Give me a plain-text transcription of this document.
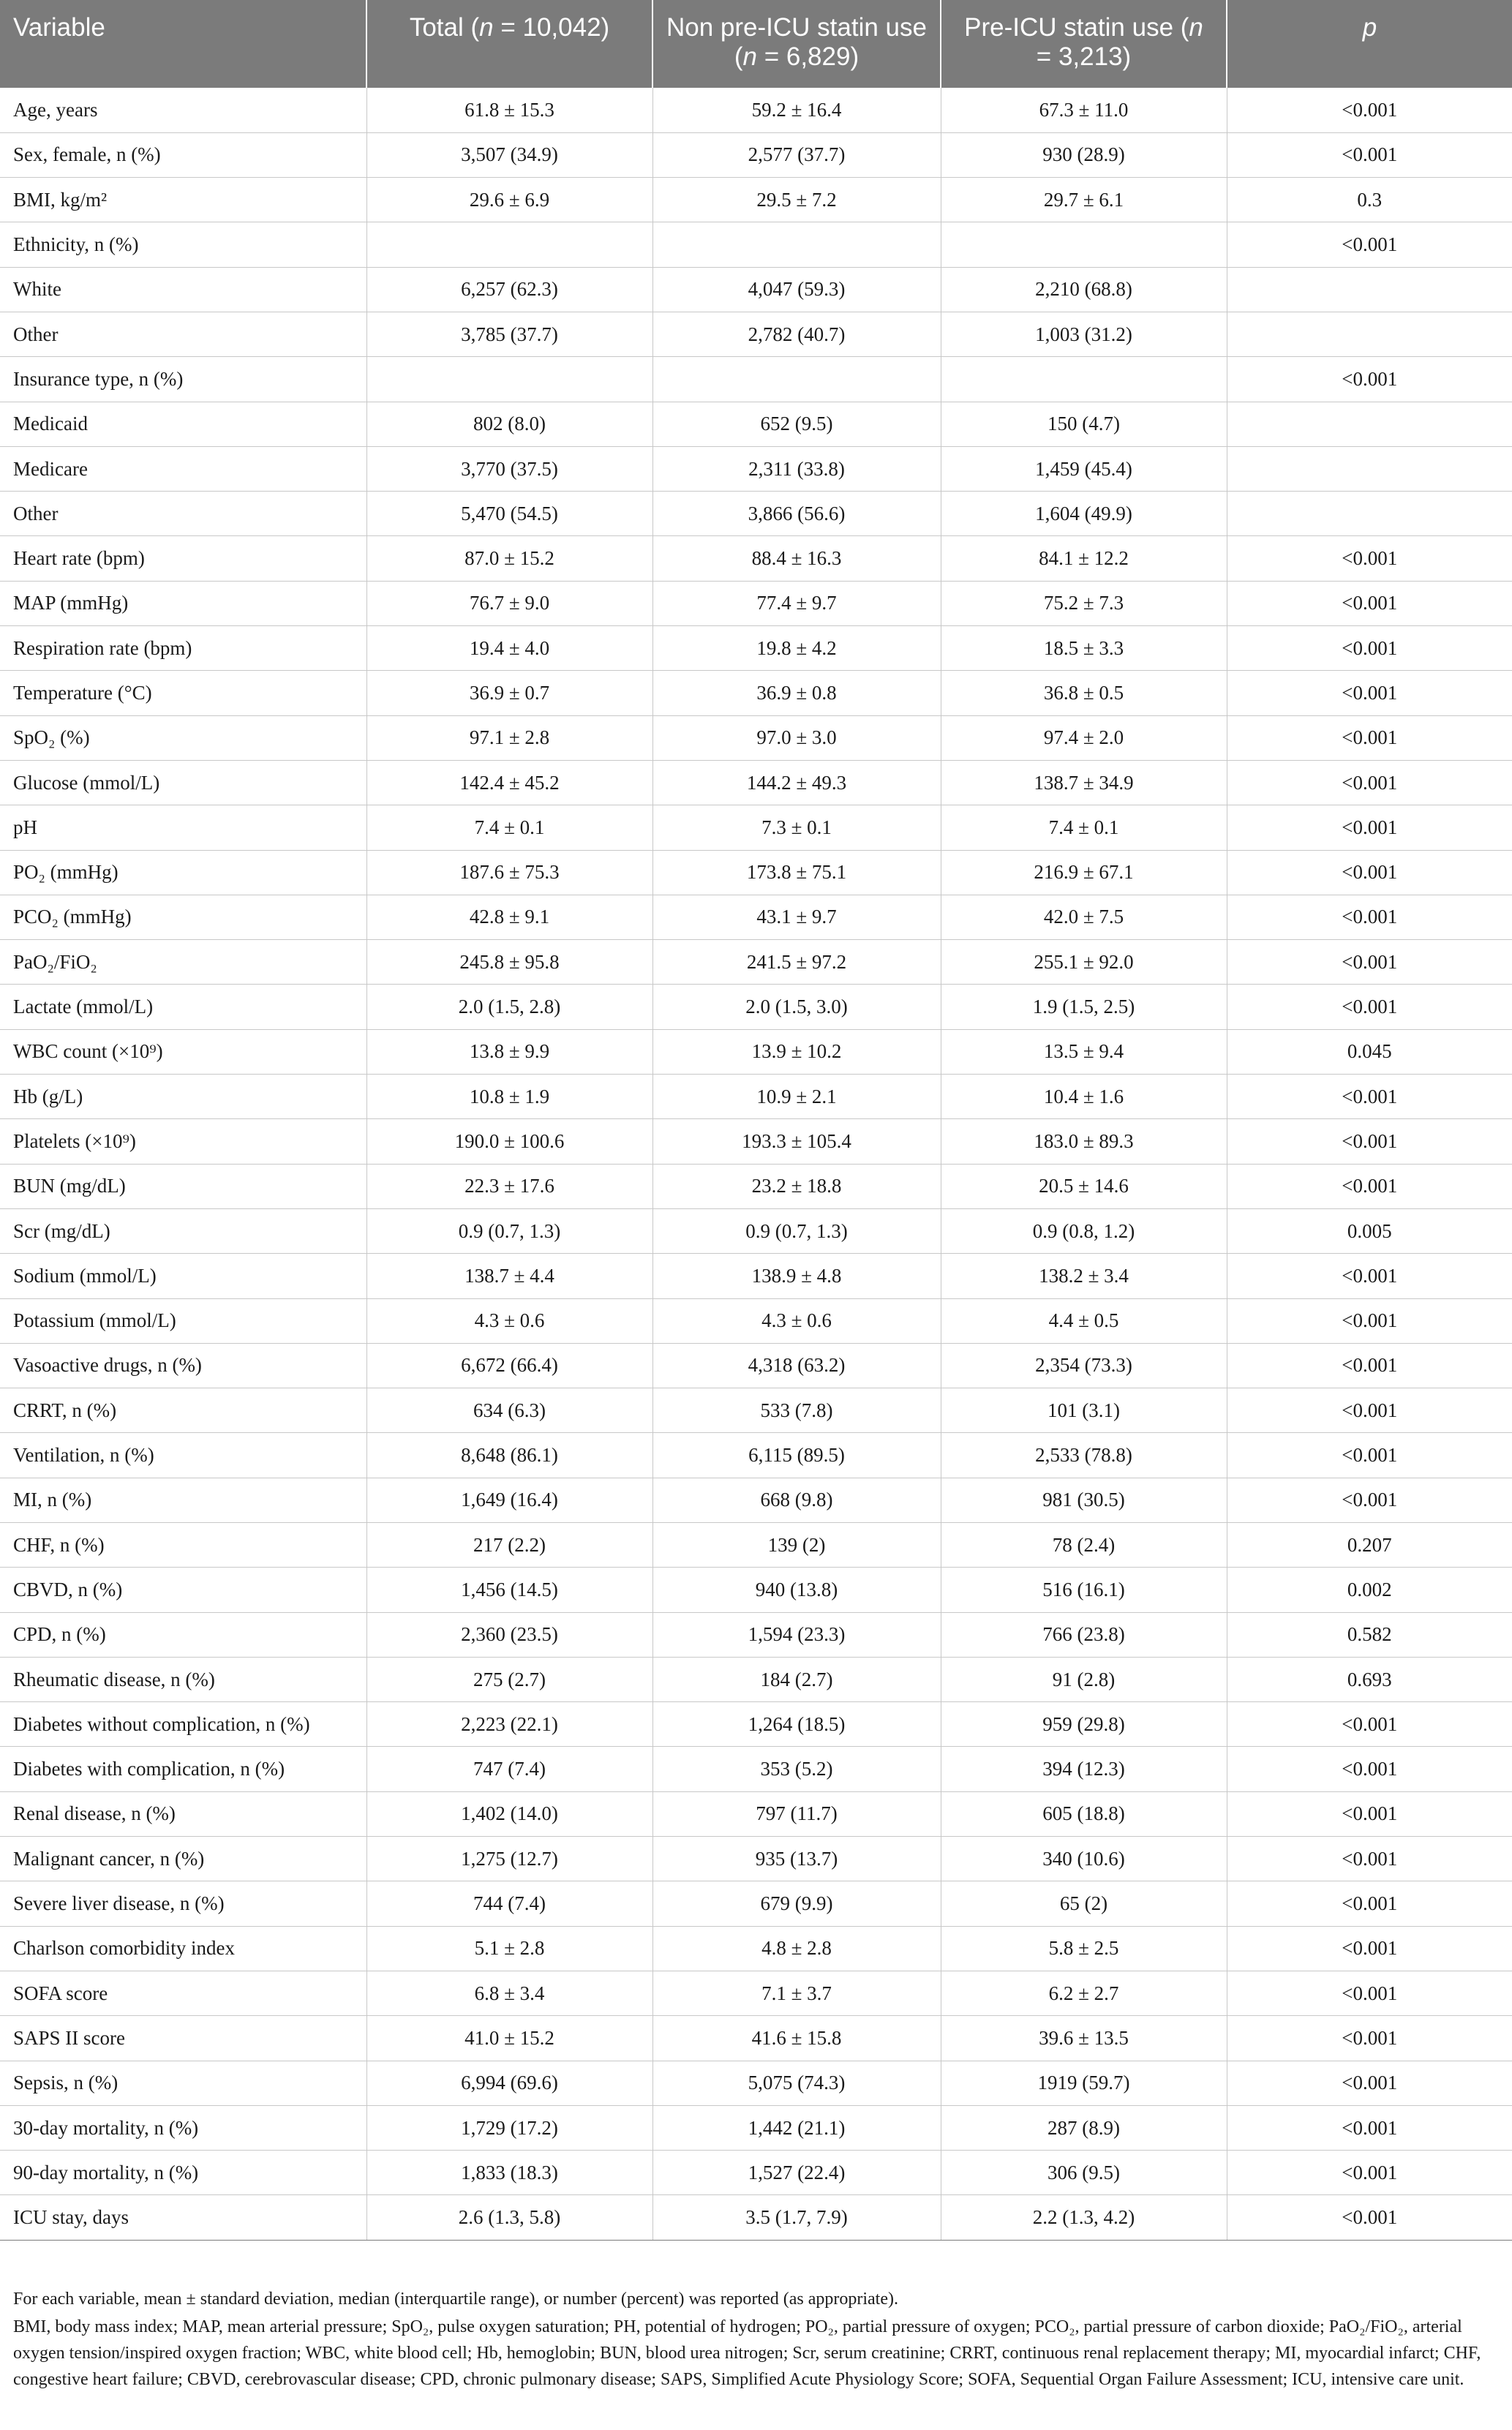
Variable	Total (n = 10,042)	Non pre-ICU statin use (n = 6,829)	Pre-ICU statin use (n = 3,213)	p
Age, years	61.8 ± 15.3	59.2 ± 16.4	67.3 ± 11.0	<0.001
Sex, female, n (%)	3,507 (34.9)	2,577 (37.7)	930 (28.9)	<0.001
BMI, kg/m²	29.6 ± 6.9	29.5 ± 7.2	29.7 ± 6.1	0.3
Ethnicity, n (%)				<0.001
White	6,257 (62.3)	4,047 (59.3)	2,210 (68.8)	
Other	3,785 (37.7)	2,782 (40.7)	1,003 (31.2)	
Insurance type, n (%)				<0.001
Medicaid	802 (8.0)	652 (9.5)	150 (4.7)	
Medicare	3,770 (37.5)	2,311 (33.8)	1,459 (45.4)	
Other	5,470 (54.5)	3,866 (56.6)	1,604 (49.9)	
Heart rate (bpm)	87.0 ± 15.2	88.4 ± 16.3	84.1 ± 12.2	<0.001
MAP (mmHg)	76.7 ± 9.0	77.4 ± 9.7	75.2 ± 7.3	<0.001
Respiration rate (bpm)	19.4 ± 4.0	19.8 ± 4.2	18.5 ± 3.3	<0.001
Temperature (°C)	36.9 ± 0.7	36.9 ± 0.8	36.8 ± 0.5	<0.001
SpO₂ (%)	97.1 ± 2.8	97.0 ± 3.0	97.4 ± 2.0	<0.001
Glucose (mmol/L)	142.4 ± 45.2	144.2 ± 49.3	138.7 ± 34.9	<0.001
pH	7.4 ± 0.1	7.3 ± 0.1	7.4 ± 0.1	<0.001
PO₂ (mmHg)	187.6 ± 75.3	173.8 ± 75.1	216.9 ± 67.1	<0.001
PCO₂ (mmHg)	42.8 ± 9.1	43.1 ± 9.7	42.0 ± 7.5	<0.001
PaO₂/FiO₂	245.8 ± 95.8	241.5 ± 97.2	255.1 ± 92.0	<0.001
Lactate (mmol/L)	2.0 (1.5, 2.8)	2.0 (1.5, 3.0)	1.9 (1.5, 2.5)	<0.001
WBC count (×10⁹)	13.8 ± 9.9	13.9 ± 10.2	13.5 ± 9.4	0.045
Hb (g/L)	10.8 ± 1.9	10.9 ± 2.1	10.4 ± 1.6	<0.001
Platelets (×10⁹)	190.0 ± 100.6	193.3 ± 105.4	183.0 ± 89.3	<0.001
BUN (mg/dL)	22.3 ± 17.6	23.2 ± 18.8	20.5 ± 14.6	<0.001
Scr (mg/dL)	0.9 (0.7, 1.3)	0.9 (0.7, 1.3)	0.9 (0.8, 1.2)	0.005
Sodium (mmol/L)	138.7 ± 4.4	138.9 ± 4.8	138.2 ± 3.4	<0.001
Potassium (mmol/L)	4.3 ± 0.6	4.3 ± 0.6	4.4 ± 0.5	<0.001
Vasoactive drugs, n (%)	6,672 (66.4)	4,318 (63.2)	2,354 (73.3)	<0.001
CRRT, n (%)	634 (6.3)	533 (7.8)	101 (3.1)	<0.001
Ventilation, n (%)	8,648 (86.1)	6,115 (89.5)	2,533 (78.8)	<0.001
MI, n (%)	1,649 (16.4)	668 (9.8)	981 (30.5)	<0.001
CHF, n (%)	217 (2.2)	139 (2)	78 (2.4)	0.207
CBVD, n (%)	1,456 (14.5)	940 (13.8)	516 (16.1)	0.002
CPD, n (%)	2,360 (23.5)	1,594 (23.3)	766 (23.8)	0.582
Rheumatic disease, n (%)	275 (2.7)	184 (2.7)	91 (2.8)	0.693
Diabetes without complication, n (%)	2,223 (22.1)	1,264 (18.5)	959 (29.8)	<0.001
Diabetes with complication, n (%)	747 (7.4)	353 (5.2)	394 (12.3)	<0.001
Renal disease, n (%)	1,402 (14.0)	797 (11.7)	605 (18.8)	<0.001
Malignant cancer, n (%)	1,275 (12.7)	935 (13.7)	340 (10.6)	<0.001
Severe liver disease, n (%)	744 (7.4)	679 (9.9)	65 (2)	<0.001
Charlson comorbidity index	5.1 ± 2.8	4.8 ± 2.8	5.8 ± 2.5	<0.001
SOFA score	6.8 ± 3.4	7.1 ± 3.7	6.2 ± 2.7	<0.001
SAPS II score	41.0 ± 15.2	41.6 ± 15.8	39.6 ± 13.5	<0.001
Sepsis, n (%)	6,994 (69.6)	5,075 (74.3)	1919 (59.7)	<0.001
30-day mortality, n (%)	1,729 (17.2)	1,442 (21.1)	287 (8.9)	<0.001
90-day mortality, n (%)	1,833 (18.3)	1,527 (22.4)	306 (9.5)	<0.001
ICU stay, days	2.6 (1.3, 5.8)	3.5 (1.7, 7.9)	2.2 (1.3, 4.2)	<0.001

For each variable, mean ± standard deviation, median (interquartile range), or number (percent) was reported (as appropriate).

BMI, body mass index; MAP, mean arterial pressure; SpO₂, pulse oxygen saturation; PH, potential of hydrogen; PO₂, partial pressure of oxygen; PCO₂, partial pressure of carbon dioxide; PaO₂/FiO₂, arterial oxygen tension/inspired oxygen fraction; WBC, white blood cell; Hb, hemoglobin; BUN, blood urea nitrogen; Scr, serum creatinine; CRRT, continuous renal replacement therapy; MI, myocardial infarct; CHF, congestive heart failure; CBVD, cerebrovascular disease; CPD, chronic pulmonary disease; SAPS, Simplified Acute Physiology Score; SOFA, Sequential Organ Failure Assessment; ICU, intensive care unit.
